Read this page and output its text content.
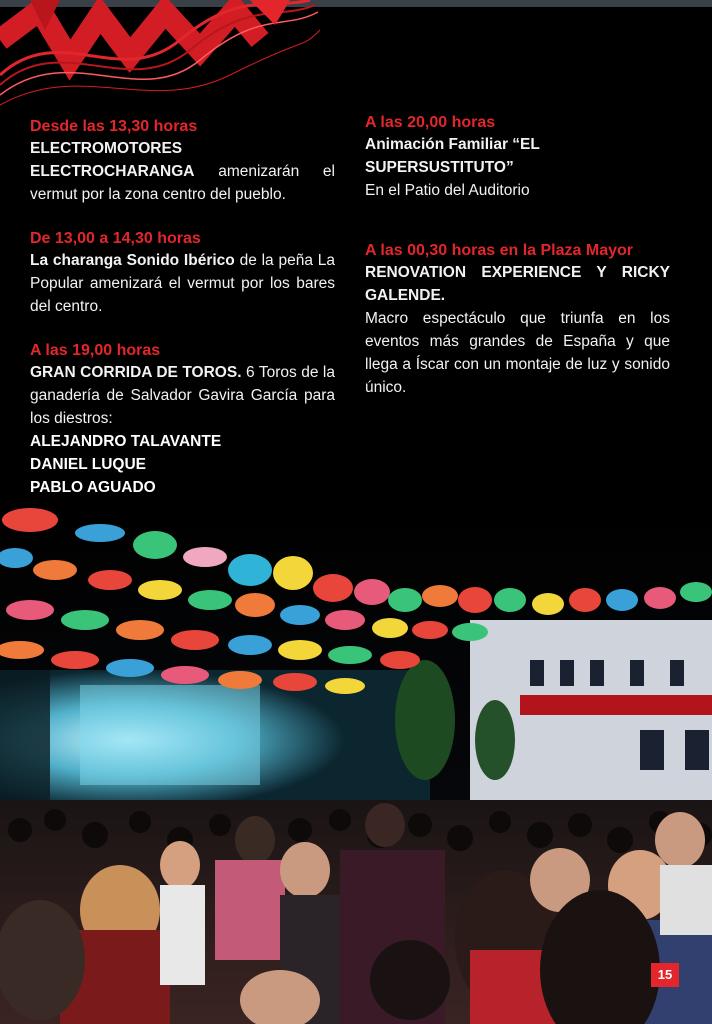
Desde las 13,30 horas

ELECTROMOTORES
ELECTROCHARANGA amenizarán el vermut por la zona centro del pueblo.

De 13,00 a 14,30 horas

La charanga Sonido Ibérico de la peña La Popular amenizará el vermut por los bares del centro.

A las 19,00 horas

GRAN CORRIDA DE TOROS. 6 Toros de la ganadería de Salvador Gavira García para los diestros:

ALEJANDRO TALAVANTE

DANIEL LUQUE

PABLO AGUADO

A las 20,00 horas

Animación Familiar “EL SUPERSUSTITUTO”

En el Patio del Auditorio

A las 00,30 horas en la Plaza Mayor

RENOVATION EXPERIENCE Y RICKY GALENDE.

Macro espectáculo que triunfa en los eventos más grandes de España y que llega a Íscar con un montaje de luz y sonido único.

15
